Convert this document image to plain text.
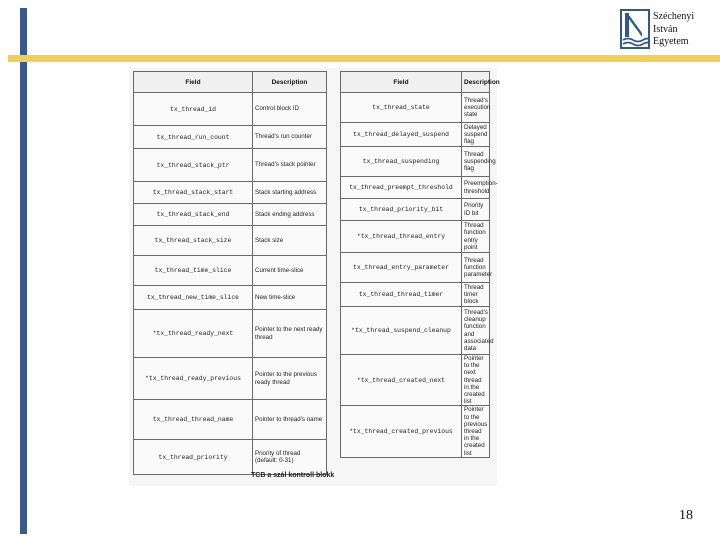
Széchenyi
István
Egyetem
Field	Description
tx_thread_id	Control block ID
tx_thread_run_count	Thread's run counter
tx_thread_stack_ptr	Thread's stack pointer
tx_thread_stack_start	Stack starting address
tx_thread_stack_end	Stack ending address
tx_thread_stack_size	Stack size
tx_thread_time_slice	Current time-slice
tx_thread_new_time_slice	New time-slice
*tx_thread_ready_next	Pointer to the next ready thread
*tx_thread_ready_previous	Pointer to the previous ready thread
tx_thread_thread_name	Pointer to thread's name
tx_thread_priority	Priority of thread (default: 0-31)
Field	Description
tx_thread_state	Thread's execution state
tx_thread_delayed_suspend	Delayed suspend flag
tx_thread_suspending	Thread suspending flag
tx_thread_preempt_threshold	Preemption-threshold
tx_thread_priority_bit	Priority ID bit
*tx_thread_thread_entry	Thread function entry point
tx_thread_entry_parameter	Thread function parameter
tx_thread_thread_timer	Thread timer block
*tx_thread_suspend_cleanup	Thread's cleanup function and associated data
*tx_thread_created_next	Pointer to the next thread in the created list
*tx_thread_created_previous	Pointer to the previous thread in the created list
TCB a szál kontroll blokk
18
